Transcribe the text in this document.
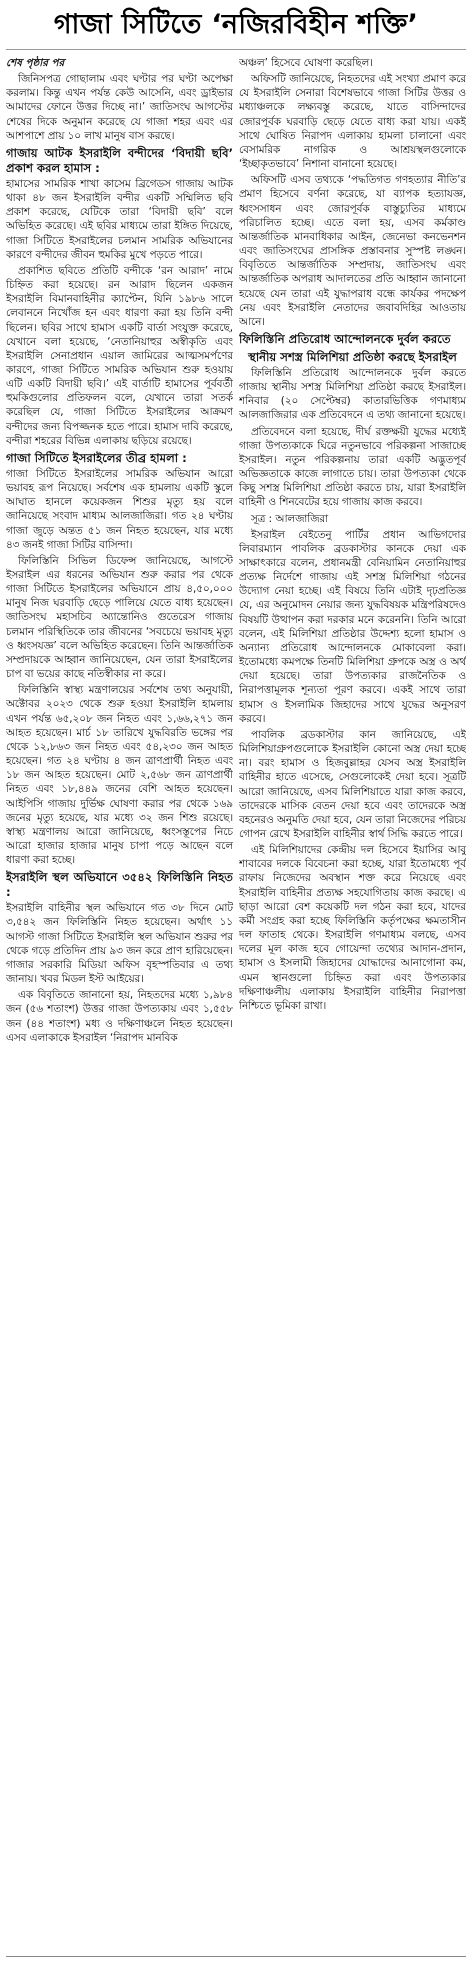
গাজা সিটিতে ‘নজিরবিহীন শক্তি’

শেষ পৃষ্ঠার পর

জিনিসপত্র গোছালাম এবং ঘণ্টার পর ঘণ্টা অপেক্ষা করলাম। কিন্তু এখন পর্যন্ত কেউ আসেনি, এবং ড্রাইভার আমাদের ফোনে উত্তর দিচ্ছে না।’ জাতিসংঘ আগস্টের শেষের দিকে অনুমান করেছে যে গাজা শহর এবং এর আশপাশে প্রায় ১০ লাখ মানুষ বাস করছে।

গাজায় আটক ইসরাইলি বন্দীদের ‘বিদায়ী ছবি’ প্রকাশ করল হামাস :

হামাসের সামরিক শাখা কাসেম ব্রিগেডস গাজায় আটক থাকা ৪৮ জন ইসরাইলি বন্দীর একটি সম্মিলিত ছবি প্রকাশ করেছে, যেটিকে তারা ‘বিদায়ী ছবি’ বলে অভিহিত করেছে। এই ছবির মাধ্যমে তারা ইঙ্গিত দিয়েছে, গাজা সিটিতে ইসরাইলের চলমান সামরিক অভিযানের কারণে বন্দীদের জীবন হুমকির মুখে পড়তে পারে।

প্রকাশিত ছবিতে প্রতিটি বন্দীকে ‘রন আরাদ’ নামে চিহ্নিত করা হয়েছে। রন আরাদ ছিলেন একজন ইসরাইলি বিমানবাহিনীর ক্যাপ্টেন, যিনি ১৯৮৬ সালে লেবাননে নিখোঁজ হন এবং ধারণা করা হয় তিনি বন্দী ছিলেন। ছবির সাথে হামাস একটি বার্তা সংযুক্ত করেছে, যেখানে বলা হয়েছে, ‘নেতানিয়াহুর অস্বীকৃতি এবং ইসরাইলি সেনাপ্রধান এয়াল জামিরের আত্মসমর্পণের কারণে, গাজা সিটিতে সামরিক অভিযান শুরু হওয়ায় এটি একটি বিদায়ী ছবি।’ এই বার্তাটি হামাসের পূর্ববর্তী হুমকিগুলোর প্রতিফলন বলে, যেখানে তারা সতর্ক করেছিল যে, গাজা সিটিতে ইসরাইলের আক্রমণ বন্দীদের জন্য বিপজ্জনক হতে পারে। হামাস দাবি করেছে, বন্দীরা শহরের বিভিন্ন এলাকায় ছড়িয়ে রয়েছে।

গাজা সিটিতে ইসরাইলের তীব্র হামলা :

গাজা সিটিতে ইসরাইলের সামরিক অভিযান আরো ভয়াবহ রূপ নিয়েছে। সর্বশেষ এক হামলায় একটি স্কুলে আঘাত হানলে কয়েকজন শিশুর মৃত্যু হয় বলে জানিয়েছে সংবাদ মাধ্যম আলজাজিরা। গত ২৪ ঘণ্টায় গাজা জুড়ে অন্তত ৫১ জন নিহত হয়েছেন, যার মধ্যে ৪৩ জনই গাজা সিটির বাসিন্দা।

ফিলিস্তিনি সিভিল ডিফেন্স জানিয়েছে, আগস্টে ইসরাইল এর ধরনের অভিযান শুরু করার পর থেকে গাজা সিটিতে ইসরাইলের অভিযানে প্রায় ৪,৫০,০০০ মানুষ নিজ ঘরবাড়ি ছেড়ে পালিয়ে যেতে বাধ্য হয়েছেন। জাতিসংঘ মহাসচিব অ্যান্তোনিও গুতেরেস গাজায় চলমান পরিস্থিতিকে তার জীবনের ‘সবচেয়ে ভয়াবহ মৃত্যু ও ধ্বংসযজ্ঞ’ বলে অভিহিত করেছেন। তিনি আন্তর্জাতিক সম্প্রদায়কে আহ্বান জানিয়েছেন, যেন তারা ইসরাইলের চাপ বা ভয়ের কাছে নতিস্বীকার না করে।

ফিলিস্তিনি স্বাস্থ্য মন্ত্রণালয়ের সর্বশেষ তথ্য অনুযায়ী, অক্টোবর ২০২৩ থেকে শুরু হওয়া ইসরাইলি হামলায় এখন পর্যন্ত ৬৫,২০৮ জন নিহত এবং ১,৬৬,২৭১ জন আহত হয়েছেন। মার্চ ১৮ তারিখে যুদ্ধবিরতি ভঙ্গের পর থেকে ১২,৮৬৩ জন নিহত এবং ৫৪,২৩০ জন আহত হয়েছেন। গত ২৪ ঘণ্টায় ৪ জন ত্রাণপ্রার্থী নিহত এবং ১৮ জন আহত হয়েছেন। মোট ২,৫৬৮ জন ত্রাণপ্রার্থী নিহত এবং ১৮,৪৪৯ জনের বেশি আহত হয়েছেন। আইপিসি গাজায় দুর্ভিক্ষ ঘোষণা করার পর থেকে ১৬৯ জনের মৃত্যু হয়েছে, যার মধ্যে ৩২ জন শিশু রয়েছে। স্বাস্থ্য মন্ত্রণালয় আরো জানিয়েছে, ধ্বংসস্তূপের নিচে আরো হাজার হাজার মানুষ চাপা পড়ে আছেন বলে ধারণা করা হচ্ছে।

ইসরাইলি স্থল অভিযানে ৩৫৪২ ফিলিস্তিনি নিহত :

ইসরাইলি বাহিনীর স্থল অভিযানে গত ৩৮ দিনে মোট ৩,৫৪২ জন ফিলিস্তিনি নিহত হয়েছেন। অর্থাৎ ১১ আগস্ট গাজা সিটিতে ইসরাইলি স্থল অভিযান শুরুর পর থেকে গড়ে প্রতিদিন প্রায় ৯৩ জন করে প্রাণ হারিয়েছেন। গাজার সরকারি মিডিয়া অফিস বৃহস্পতিবার এ তথ্য জানায়। খবর মিডল ইস্ট আইয়ের।

এক বিবৃতিতে জানানো হয়, নিহতদের মধ্যে ১,৯৮৪ জন (৫৬ শতাংশ) উত্তর গাজা উপত্যকায় এবং ১,৫৫৮ জন (৪৪ শতাংশ) মধ্য ও দক্ষিণাঞ্চলে নিহত হয়েছেন। এসব এলাকাকে ইসরাইল ‘নিরাপদ মানবিক

অঞ্চল’ হিসেবে ঘোষণা করেছিল।

অফিসটি জানিয়েছে, নিহতদের এই সংখ্যা প্রমাণ করে যে ইসরাইলি সেনারা বিশেষভাবে গাজা সিটির উত্তর ও মধ্যাঞ্চলকে লক্ষ্যবস্তু করেছে, যাতে বাসিন্দাদের জোরপূর্বক ঘরবাড়ি ছেড়ে যেতে বাধ্য করা যায়। একই সাথে ঘোষিত নিরাপদ এলাকায় হামলা চালানো এবং বেসামরিক নাগরিক ও আশ্রয়স্থলগুলোকে ‘ইচ্ছাকৃতভাবে’ নিশানা বানানো হয়েছে।

অফিসটি এসব তথ্যকে ‘পদ্ধতিগত গণহত্যার নীতি’র প্রমাণ হিসেবে বর্ণনা করেছে, যা ব্যাপক হত্যাযজ্ঞ, ধ্বংসসাধন এবং জোরপূর্বক বাস্তুচ্যুতির মাধ্যমে পরিচালিত হচ্ছে। এতে বলা হয়, এসব কর্মকাণ্ড আন্তর্জাতিক মানবাধিকার আইন, জেনেভা কনভেনশন এবং জাতিসংঘের প্রাসঙ্গিক প্রস্তাবনার সুস্পষ্ট লঙ্ঘন। বিবৃতিতে আন্তর্জাতিক সম্প্রদায়, জাতিসংঘ এবং আন্তর্জাতিক অপরাধ আদালতের প্রতি আহ্বান জানানো হয়েছে যেন তারা এই যুদ্ধাপরাধ বন্ধে কার্যকর পদক্ষেপ নেয় এবং ইসরাইলি নেতাদের জবাবদিহির আওতায় আনে।

ফিলিস্তিনি প্রতিরোধ আন্দোলনকে দুর্বল করতে

স্থানীয় সশস্ত্র মিলিশিয়া প্রতিষ্ঠা করছে ইসরাইল

ফিলিস্তিনি প্রতিরোধ আন্দোলনকে দুর্বল করতে গাজায় স্থানীয় সশস্ত্র মিলিশিয়া প্রতিষ্ঠা করছে ইসরাইল। শনিবার (২০ সেপ্টেম্বর) কাতারভিত্তিক গণমাধ্যম আলজাজিরার এক প্রতিবেদনে এ তথ্য জানানো হয়েছে।

প্রতিবেদনে বলা হয়েছে, দীর্ঘ রক্তক্ষয়ী যুদ্ধের মধ্যেই গাজা উপত্যকাকে ঘিরে নতুনভাবে পরিকল্পনা সাজাচ্ছে ইসরাইল। নতুন পরিকল্পনায় তারা একটি অদ্ভুতপূর্ব অভিজ্ঞতাকে কাজে লাগাতে চায়। তারা উপত্যকা থেকে কিছু সশস্ত্র মিলিশিয়া প্রতিষ্ঠা করতে চায়, যারা ইসরাইলি বাহিনী ও শিনবেটের হয়ে গাজায় কাজ করবে।

সূত্র : আলজাজিরা

ইসরাইল বেইতেনু পার্টির প্রধান আভিগদোর লিবারম্যান পাবলিক ব্রডকাস্টার কানকে দেয়া এক সাক্ষাৎকারে বলেন, প্রধানমন্ত্রী বেনিয়ামিন নেতানিয়াহুর প্রত্যক্ষ নির্দেশে গাজায় এই সশস্ত্র মিলিশিয়া গঠনের উদ্যোগ নেয়া হচ্ছে। এই বিষয়ে তিনি এটাই দৃঢ়প্রতিজ্ঞ যে, এর অনুমোদন নেয়ার জন্য যুদ্ধবিষয়ক মন্ত্রিপরিষদেও বিষয়টি উত্থাপন করা দরকার মনে করেননি। তিনি আরো বলেন, এই মিলিশিয়া প্রতিষ্ঠার উদ্দেশ্য হলো হামাস ও অন্যান্য প্রতিরোধ আন্দোলনকে মোকাবেলা করা। ইতোমধ্যে কমপক্ষে তিনটি মিলিশিয়া গ্রুপকে অস্ত্র ও অর্থ দেয়া হয়েছে। তারা উপত্যকার রাজনৈতিক ও নিরাপত্তামূলক শূন্যতা পূরণ করবে। একই সাথে তারা হামাস ও ইসলামিক জিহাদের সাথে যুদ্ধের অনুসরণ করবে।

পাবলিক ব্রডকাস্টার কান জানিয়েছে, এই মিলিশিয়াগ্রুপগুলোকে ইসরাইলি কোনো অস্ত্র দেয়া হচ্ছে না। বরং হামাস ও হিজবুল্লাহর যেসব অস্ত্র ইসরাইলি বাহিনীর হাতে এসেছে, সেগুলোকেই দেয়া হবে। সূত্রটি আরো জানিয়েছে, এসব মিলিশিয়াতে যারা কাজ করবে, তাদেরকে মাসিক বেতন দেয়া হবে এবং তাদেরকে অস্ত্র বহনেরও অনুমতি দেয়া হবে, যেন তারা নিজেদের পরিচয় গোপন রেখে ইসরাইলি বাহিনীর স্বার্থ সিদ্ধি করতে পারে।

এই মিলিশিয়াদের কেন্দ্রীয় দল হিসেবে ইয়াসির আবু শাবাবের দলকে বিবেচনা করা হচ্ছে, যারা ইতোমধ্যে পূর্ব রাফায় নিজেদের অবস্থান শক্ত করে নিয়েছে এবং ইসরাইলি বাহিনীর প্রত্যক্ষ সহযোগিতায় কাজ করছে। এ ছাড়া আরো বেশ কয়েকটি দল গঠন করা হবে, যাদের কর্মী সংগ্রহ করা হচ্ছে ফিলিস্তিনি কর্তৃপক্ষের ক্ষমতাসীন দল ফাতাহ থেকে। ইসরাইলি গণমাধ্যম বলছে, এসব দলের মূল কাজ হবে গোয়েন্দা তথ্যের আদান-প্রদান, হামাস ও ইসলামী জিহাদের যোদ্ধাদের আনাগোনা কম, এমন স্থানগুলো চিহ্নিত করা এবং উপত্যকার দক্ষিণাঞ্চলীয় এলাকায় ইসরাইলি বাহিনীর নিরাপত্তা নিশ্চিতে ভূমিকা রাখা।
